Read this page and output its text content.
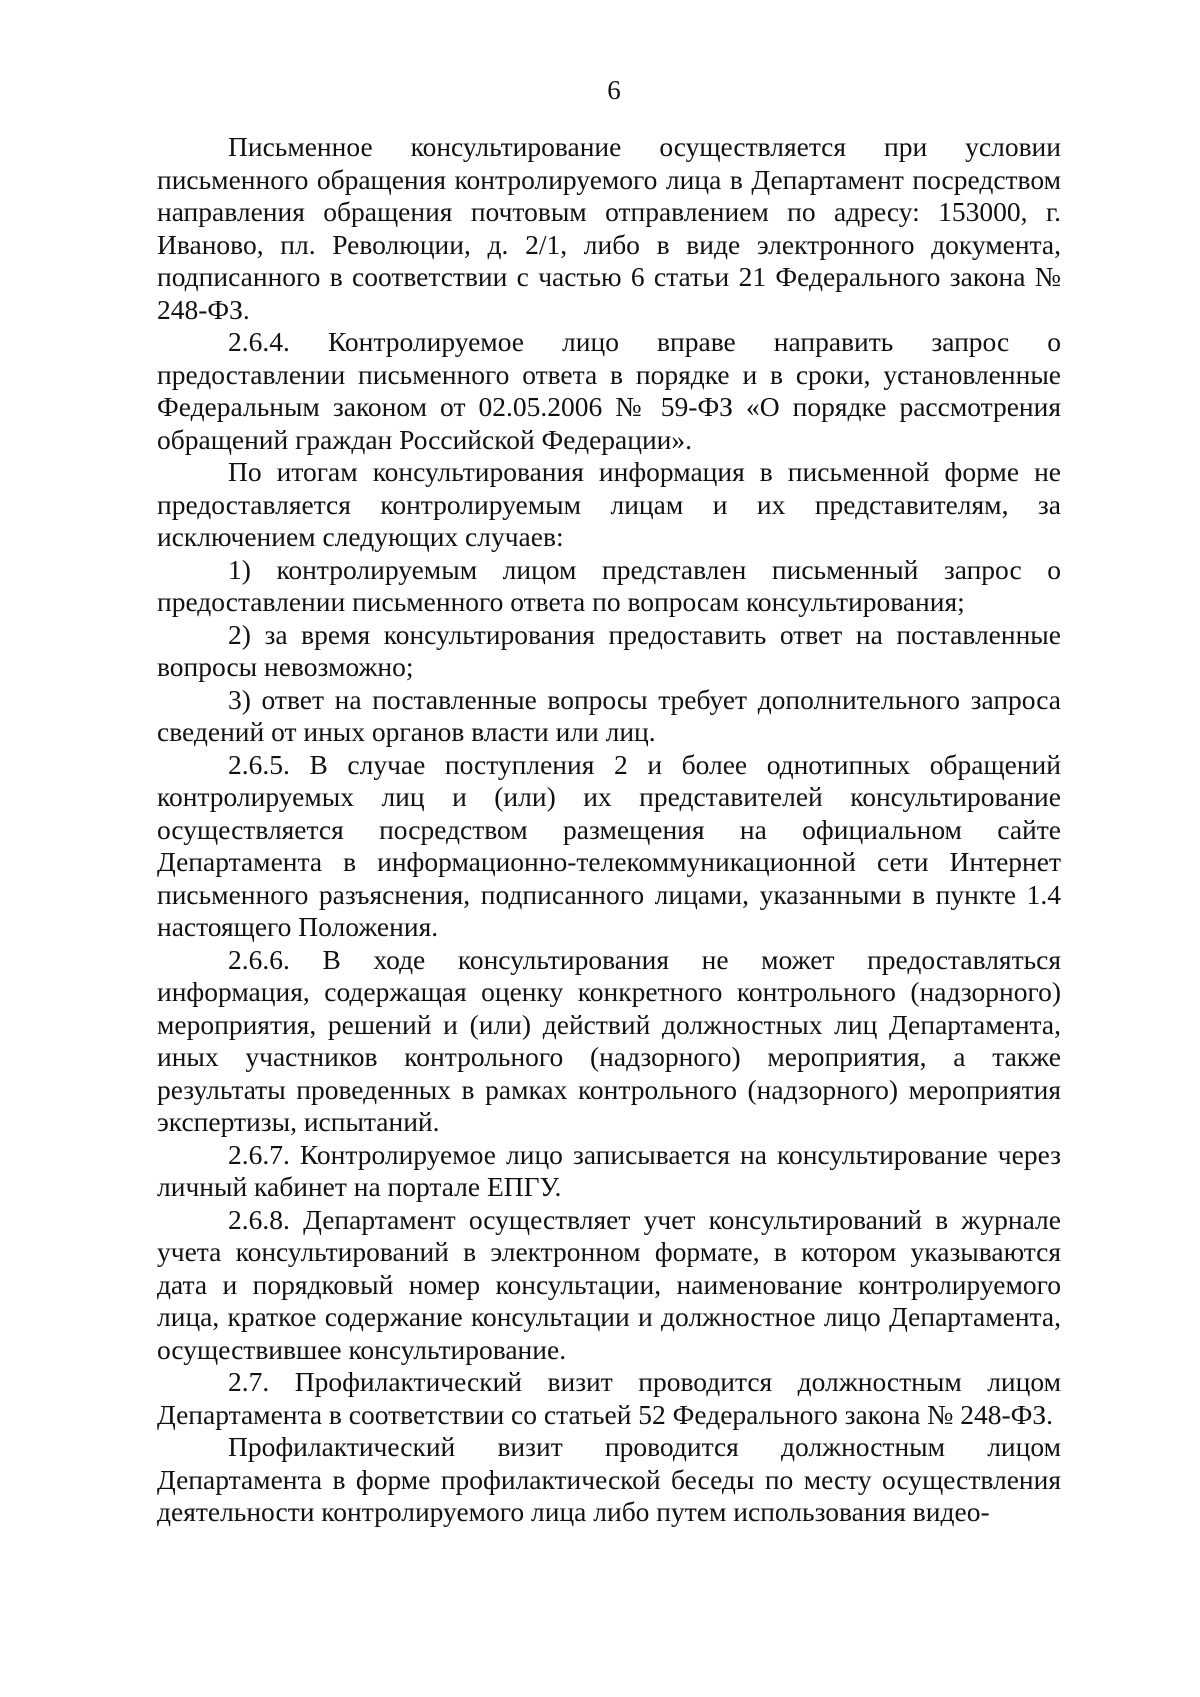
6

Письменное консультирование осуществляется при условии письменного обращения контролируемого лица в Департамент посредством направления обращения почтовым отправлением по адресу: 153000, г. Иваново, пл. Революции, д. 2/1, либо в виде электронного документа, подписанного в соответствии с частью 6 статьи 21 Федерального закона № 248-ФЗ.

2.6.4. Контролируемое лицо вправе направить запрос о предоставлении письменного ответа в порядке и в сроки, установленные Федеральным законом от 02.05.2006 № 59-ФЗ «О порядке рассмотрения обращений граждан Российской Федерации».

По итогам консультирования информация в письменной форме не предоставляется контролируемым лицам и их представителям, за исключением следующих случаев:

1) контролируемым лицом представлен письменный запрос о предоставлении письменного ответа по вопросам консультирования;

2) за время консультирования предоставить ответ на поставленные вопросы невозможно;

3) ответ на поставленные вопросы требует дополнительного запроса сведений от иных органов власти или лиц.

2.6.5. В случае поступления 2 и более однотипных обращений контролируемых лиц и (или) их представителей консультирование осуществляется посредством размещения на официальном сайте Департамента в информационно-телекоммуникационной сети Интернет письменного разъяснения, подписанного лицами, указанными в пункте 1.4 настоящего Положения.

2.6.6. В ходе консультирования не может предоставляться информация, содержащая оценку конкретного контрольного (надзорного) мероприятия, решений и (или) действий должностных лиц Департамента, иных участников контрольного (надзорного) мероприятия, а также результаты проведенных в рамках контрольного (надзорного) мероприятия экспертизы, испытаний.

2.6.7. Контролируемое лицо записывается на консультирование через личный кабинет на портале ЕПГУ.

2.6.8. Департамент осуществляет учет консультирований в журнале учета консультирований в электронном формате, в котором указываются дата и порядковый номер консультации, наименование контролируемого лица, краткое содержание консультации и должностное лицо Департамента, осуществившее консультирование.

2.7. Профилактический визит проводится должностным лицом Департамента в соответствии со статьей 52 Федерального закона № 248-ФЗ.

Профилактический визит проводится должностным лицом Департамента в форме профилактической беседы по месту осуществления деятельности контролируемого лица либо путем использования видео-
